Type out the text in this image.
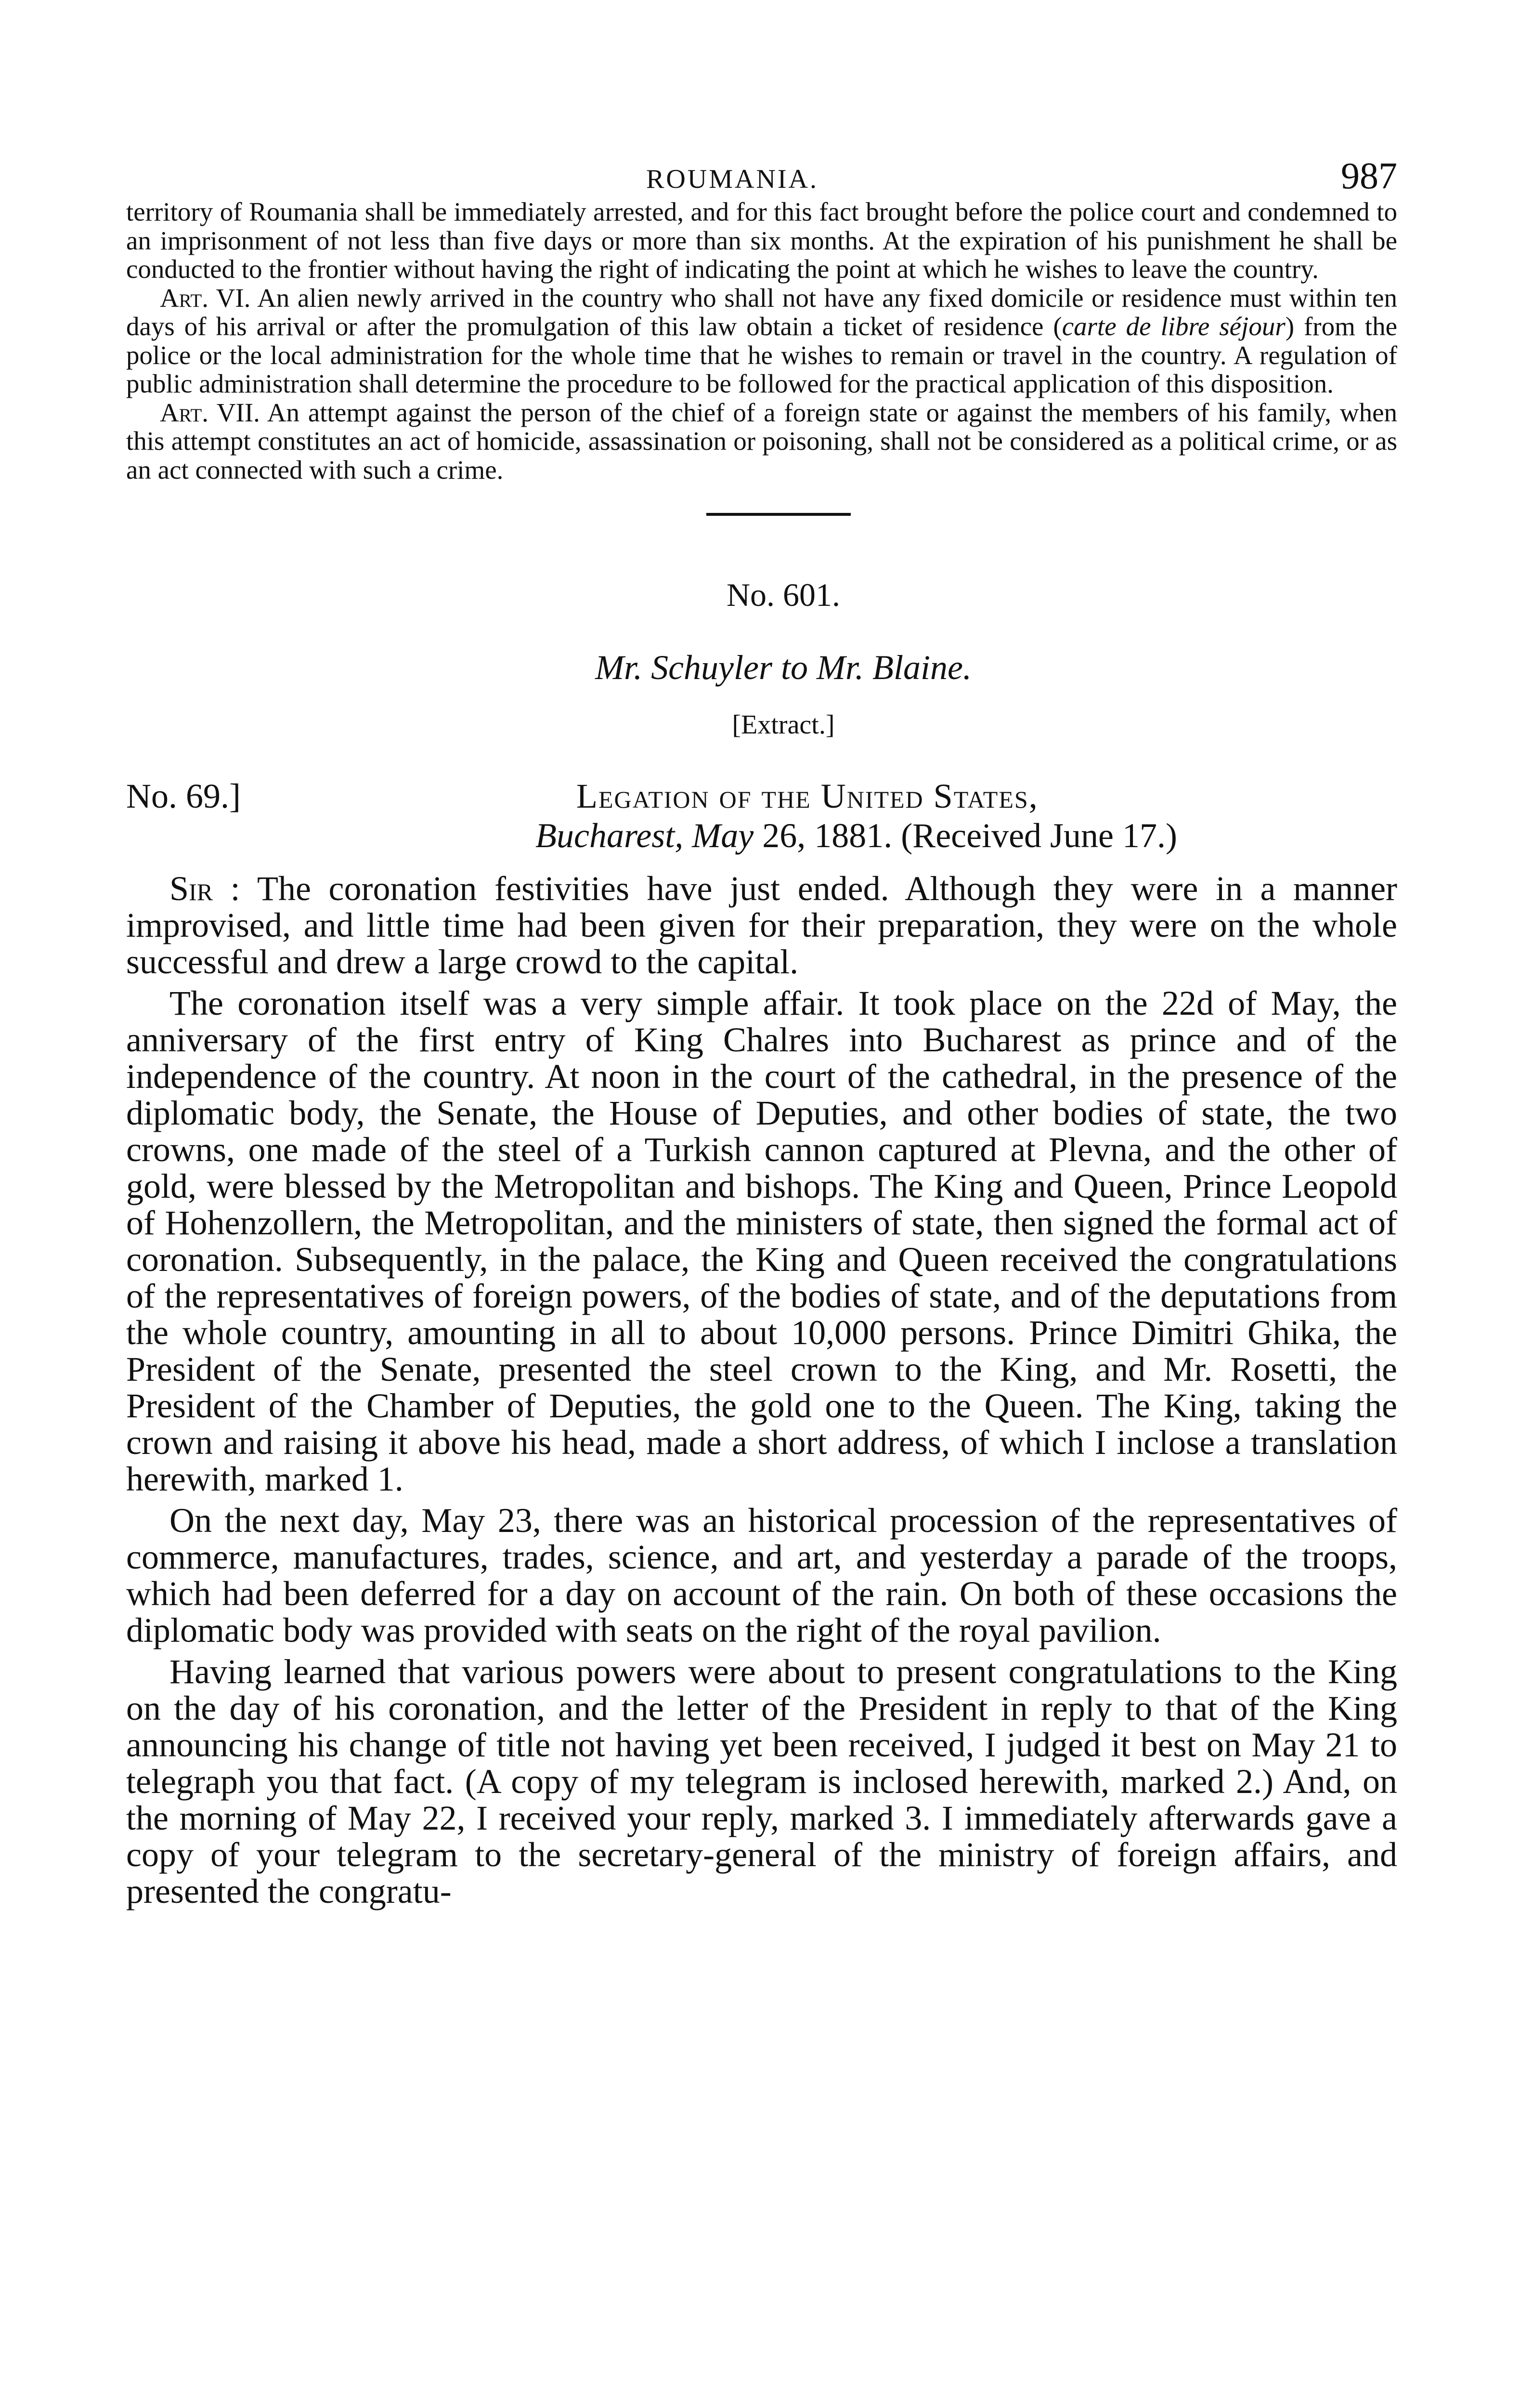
ROUMANIA.	987

territory of Roumania shall be immediately arrested, and for this fact brought before the police court and condemned to an imprisonment of not less than five days or more than six months. At the expiration of his punishment he shall be conducted to the frontier without having the right of indicating the point at which he wishes to leave the country.

Art. VI. An alien newly arrived in the country who shall not have any fixed domicile or residence must within ten days of his arrival or after the promulgation of this law obtain a ticket of residence (carte de libre séjour) from the police or the local administration for the whole time that he wishes to remain or travel in the country. A regulation of public administration shall determine the procedure to be followed for the practical application of this disposition.

Art. VII. An attempt against the person of the chief of a foreign state or against the members of his family, when this attempt constitutes an act of homicide, assassination or poisoning, shall not be considered as a political crime, or as an act connected with such a crime.

No. 601.
Mr. Schuyler to Mr. Blaine.
[Extract.]
No. 69.]	Legation of the United States,
Bucharest, May 26, 1881. (Received June 17.)

Sir : The coronation festivities have just ended. Although they were in a manner improvised, and little time had been given for their preparation, they were on the whole successful and drew a large crowd to the capital.

The coronation itself was a very simple affair. It took place on the 22d of May, the anniversary of the first entry of King Chalres into Bucharest as prince and of the independence of the country. At noon in the court of the cathedral, in the presence of the diplomatic body, the Senate, the House of Deputies, and other bodies of state, the two crowns, one made of the steel of a Turkish cannon captured at Plevna, and the other of gold, were blessed by the Metropolitan and bishops. The King and Queen, Prince Leopold of Hohenzollern, the Metropolitan, and the ministers of state, then signed the formal act of coronation. Subsequently, in the palace, the King and Queen received the congratulations of the representatives of foreign powers, of the bodies of state, and of the deputations from the whole country, amounting in all to about 10,000 persons. Prince Dimitri Ghika, the President of the Senate, presented the steel crown to the King, and Mr. Rosetti, the President of the Chamber of Deputies, the gold one to the Queen. The King, taking the crown and raising it above his head, made a short address, of which I inclose a translation herewith, marked 1.

On the next day, May 23, there was an historical procession of the representatives of commerce, manufactures, trades, science, and art, and yesterday a parade of the troops, which had been deferred for a day on account of the rain. On both of these occasions the diplomatic body was provided with seats on the right of the royal pavilion.

Having learned that various powers were about to present congratulations to the King on the day of his coronation, and the letter of the President in reply to that of the King announcing his change of title not having yet been received, I judged it best on May 21 to telegraph you that fact. (A copy of my telegram is inclosed herewith, marked 2.) And, on the morning of May 22, I received your reply, marked 3. I immediately afterwards gave a copy of your telegram to the secretary-general of the ministry of foreign affairs, and presented the congratu-
